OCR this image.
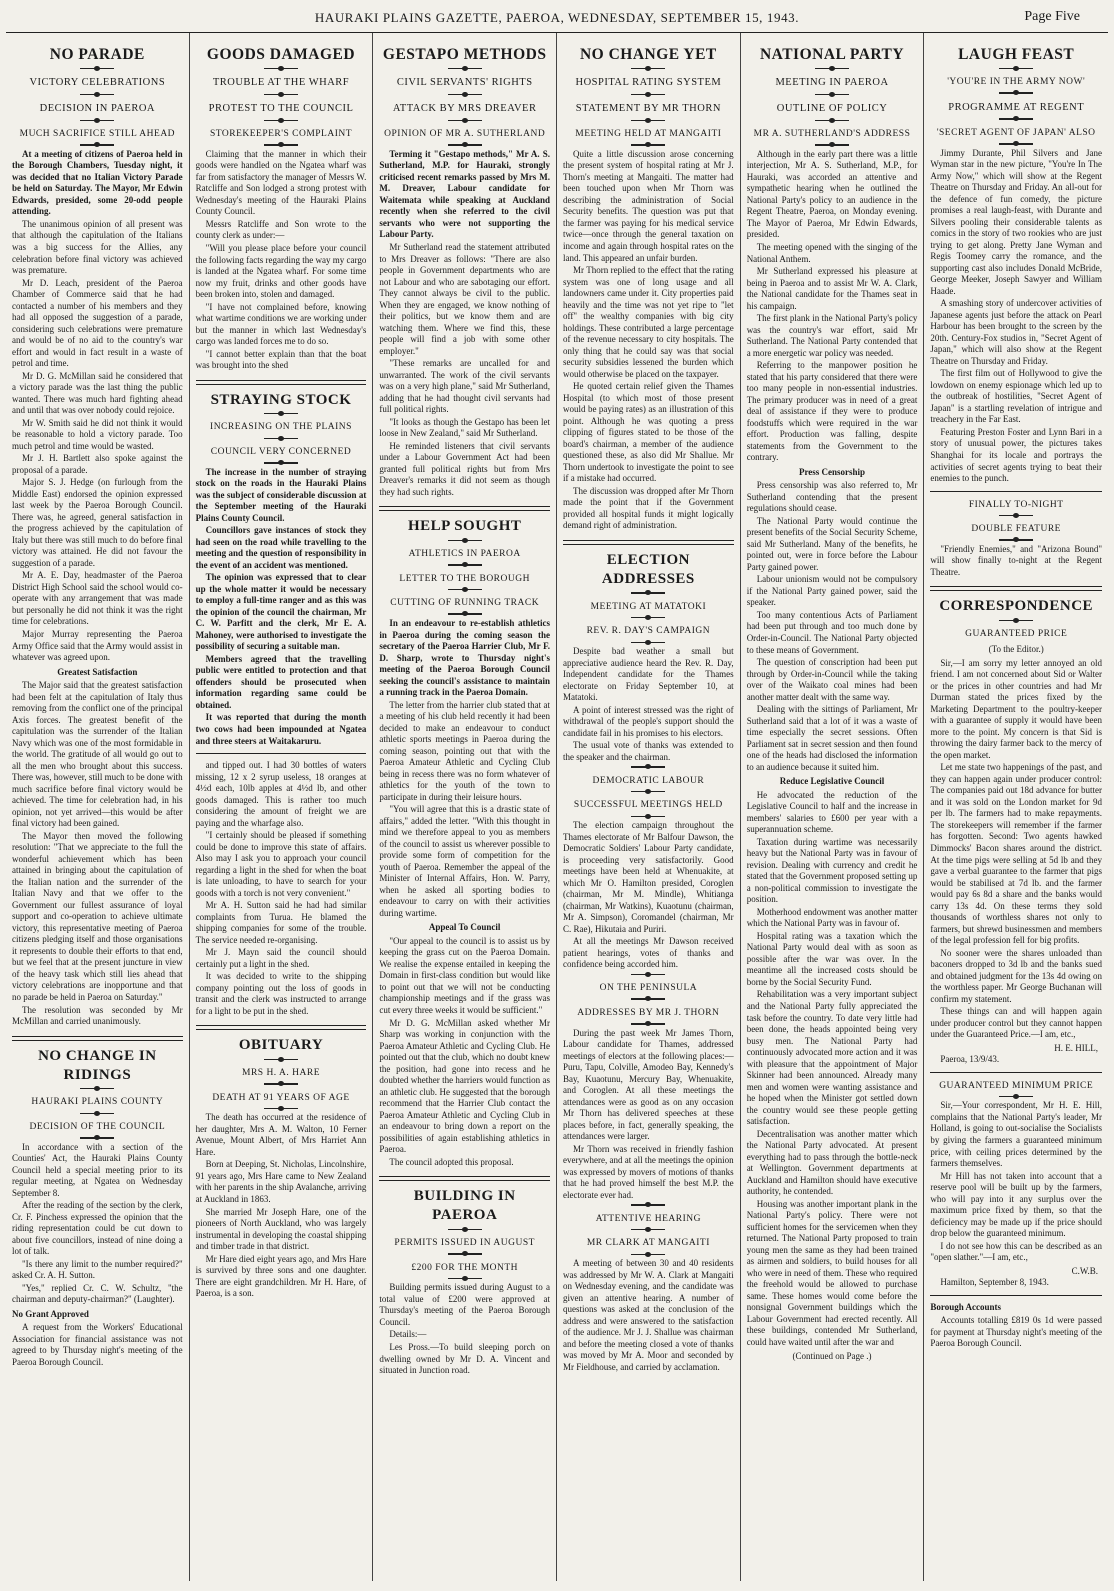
HAURAKI PLAINS GAZETTE, PAEROA, WEDNESDAY, SEPTEMBER 15, 1943.	Page Five
NO PARADE
VICTORY CELEBRATIONS
DECISION IN PAEROA
MUCH SACRIFICE STILL AHEAD

At a meeting of citizens of Paeroa held in the Borough Chambers, Tuesday night, it was decided that no Italian Victory Parade be held on Saturday. The Mayor, Mr Edwin Edwards, presided, some 20-odd people attending.

The unanimous opinion of all present was that although the capitulation of the Italians was a big success for the Allies, any celebration before final victory was achieved was premature.

Mr D. Leach, president of the Paeroa Chamber of Commerce said that he had contacted a number of his members and they had all opposed the suggestion of a parade, considering such celebrations were premature and would be of no aid to the country's war effort and would in fact result in a waste of petrol and time.

Mr D. G. McMillan said he considered that a victory parade was the last thing the public wanted. There was much hard fighting ahead and until that was over nobody could rejoice.

Mr W. Smith said he did not think it would be reasonable to hold a victory parade. Too much petrol and time would be wasted.

Mr J. H. Bartlett also spoke against the proposal of a parade.

Major S. J. Hedge (on furlough from the Middle East) endorsed the opinion expressed last week by the Paeroa Borough Council. There was, he agreed, general satisfaction in the progress achieved by the capitulation of Italy but there was still much to do before final victory was attained. He did not favour the suggestion of a parade.

Mr A. E. Day, headmaster of the Paeroa District High School said the school would co-operate with any arrangement that was made but personally he did not think it was the right time for celebrations.

Major Murray representing the Paeroa Army Office said that the Army would assist in whatever was agreed upon.

Greatest Satisfaction

The Major said that the greatest satisfaction had been felt at the capitulation of Italy thus removing from the conflict one of the principal Axis forces. The greatest benefit of the capitulation was the surrender of the Italian Navy which was one of the most formidable in the world. The gratitude of all would go out to all the men who brought about this success. There was, however, still much to be done with much sacrifice before final victory would be achieved. The time for celebration had, in his opinion, not yet arrived—this would be after final victory had been gained.

The Mayor then moved the following resolution: "That we appreciate to the full the wonderful achievement which has been attained in bringing about the capitulation of the Italian nation and the surrender of the Italian Navy and that we offer to the Government our fullest assurance of loyal support and co-operation to achieve ultimate victory, this representative meeting of Paeroa citizens pledging itself and those organisations it represents to double their efforts to that end, but we feel that at the present juncture in view of the heavy task which still lies ahead that victory celebrations are inopportune and that no parade be held in Paeroa on Saturday."

The resolution was seconded by Mr McMillan and carried unanimously.

NO CHANGE IN RIDINGS
HAURAKI PLAINS COUNTY
DECISION OF THE COUNCIL

In accordance with a section of the Counties' Act, the Hauraki Plains County Council held a special meeting prior to its regular meeting, at Ngatea on Wednesday September 8.

After the reading of the section by the clerk, Cr. F. Pinchess expressed the opinion that the riding representation could be cut down to about five councillors, instead of nine doing a lot of talk.

"Is there any limit to the number required?" asked Cr. A. H. Sutton.

"Yes," replied Cr. C. W. Schultz, "the chairman and deputy-chairman?" (Laughter).

No Grant Approved

A request from the Workers' Educational Association for financial assistance was not agreed to by Thursday night's meeting of the Paeroa Borough Council.

GOODS DAMAGED
TROUBLE AT THE WHARF
PROTEST TO THE COUNCIL
STOREKEEPER'S COMPLAINT

Claiming that the manner in which their goods were handled on the Ngatea wharf was far from satisfactory the manager of Messrs W. Ratcliffe and Son lodged a strong protest with Wednesday's meeting of the Hauraki Plains County Council.

Messrs Ratcliffe and Son wrote to the county clerk as under:—

"Will you please place before your council the following facts regarding the way my cargo is landed at the Ngatea wharf. For some time now my fruit, drinks and other goods have been broken into, stolen and damaged.

"I have not complained before, knowing what wartime conditions we are working under but the manner in which last Wednesday's cargo was landed forces me to do so.

"I cannot better explain than that the boat was brought into the shed

STRAYING STOCK
INCREASING ON THE PLAINS
COUNCIL VERY CONCERNED

The increase in the number of straying stock on the roads in the Hauraki Plains was the subject of considerable discussion at the September meeting of the Hauraki Plains County Council.

Councillors gave instances of stock they had seen on the road while travelling to the meeting and the question of responsibility in the event of an accident was mentioned.

The opinion was expressed that to clear up the whole matter it would be necessary to employ a full-time ranger and as this was the opinion of the council the chairman, Mr C. W. Parfitt and the clerk, Mr E. A. Mahoney, were authorised to investigate the possibility of securing a suitable man.

Members agreed that the travelling public were entitled to protection and that offenders should be prosecuted when information regarding same could be obtained.

It was reported that during the month two cows had been impounded at Ngatea and three steers at Waitakaruru.

and tipped out. I had 30 bottles of waters missing, 12 x 2 syrup useless, 18 oranges at 4½d each, 10lb apples at 4½d lb, and other goods damaged. This is rather too much considering the amount of freight we are paying and the wharfage also.

"I certainly should be pleased if something could be done to improve this state of affairs. Also may I ask you to approach your council regarding a light in the shed for when the boat is late unloading, to have to search for your goods with a torch is not very convenient."

Mr A. H. Sutton said he had had similar complaints from Turua. He blamed the shipping companies for some of the trouble. The service needed re-organising.

Mr J. Mayn said the council should certainly put a light in the shed.

It was decided to write to the shipping company pointing out the loss of goods in transit and the clerk was instructed to arrange for a light to be put in the shed.

OBITUARY
MRS H. A. HARE
DEATH AT 91 YEARS OF AGE

The death has occurred at the residence of her daughter, Mrs A. M. Walton, 10 Ferner Avenue, Mount Albert, of Mrs Harriet Ann Hare.

Born at Deeping, St. Nicholas, Lincolnshire, 91 years ago, Mrs Hare came to New Zealand with her parents in the ship Avalanche, arriving at Auckland in 1863.

She married Mr Joseph Hare, one of the pioneers of North Auckland, who was largely instrumental in developing the coastal shipping and timber trade in that district.

Mr Hare died eight years ago, and Mrs Hare is survived by three sons and one daughter. There are eight grandchildren. Mr H. Hare, of Paeroa, is a son.

GESTAPO METHODS
CIVIL SERVANTS' RIGHTS
ATTACK BY MRS DREAVER
OPINION OF MR A. SUTHERLAND

Terming it "Gestapo methods," Mr A. S. Sutherland, M.P. for Hauraki, strongly criticised recent remarks passed by Mrs M. M. Dreaver, Labour candidate for Waitemata while speaking at Auckland recently when she referred to the civil servants who were not supporting the Labour Party.

Mr Sutherland read the statement attributed to Mrs Dreaver as follows: "There are also people in Government departments who are not Labour and who are sabotaging our effort. They cannot always be civil to the public. When they are engaged, we know nothing of their politics, but we know them and are watching them. Where we find this, these people will find a job with some other employer."

"These remarks are uncalled for and unwarranted. The work of the civil servants was on a very high plane," said Mr Sutherland, adding that he had thought civil servants had full political rights.

"It looks as though the Gestapo has been let loose in New Zealand," said Mr Sutherland.

He reminded listeners that civil servants under a Labour Government Act had been granted full political rights but from Mrs Dreaver's remarks it did not seem as though they had such rights.

HELP SOUGHT
ATHLETICS IN PAEROA
LETTER TO THE BOROUGH
CUTTING OF RUNNING TRACK

In an endeavour to re-establish athletics in Paeroa during the coming season the secretary of the Paeroa Harrier Club, Mr F. D. Sharp, wrote to Thursday night's meeting of the Paeroa Borough Council seeking the council's assistance to maintain a running track in the Paeroa Domain.

The letter from the harrier club stated that at a meeting of his club held recently it had been decided to make an endeavour to conduct athletic sports meetings in Paeroa during the coming season, pointing out that with the Paeroa Amateur Athletic and Cycling Club being in recess there was no form whatever of athletics for the youth of the town to participate in during their leisure hours.

"You will agree that this is a drastic state of affairs," added the letter. "With this thought in mind we therefore appeal to you as members of the council to assist us wherever possible to provide some form of competition for the youth of Paeroa. Remember the appeal of the Minister of Internal Affairs, Hon. W. Parry, when he asked all sporting bodies to endeavour to carry on with their activities during wartime.

Appeal To Council

"Our appeal to the council is to assist us by keeping the grass cut on the Paeroa Domain. We realise the expense entailed in keeping the Domain in first-class condition but would like to point out that we will not be conducting championship meetings and if the grass was cut every three weeks it would be sufficient."

Mr D. G. McMillan asked whether Mr Sharp was working in conjunction with the Paeroa Amateur Athletic and Cycling Club. He pointed out that the club, which no doubt knew the position, had gone into recess and he doubted whether the harriers would function as an athletic club. He suggested that the borough recommend that the Harrier Club contact the Paeroa Amateur Athletic and Cycling Club in an endeavour to bring down a report on the possibilities of again establishing athletics in Paeroa.

The council adopted this proposal.

BUILDING IN PAEROA
PERMITS ISSUED IN AUGUST
£200 FOR THE MONTH

Building permits issued during August to a total value of £200 were approved at Thursday's meeting of the Paeroa Borough Council.

Details:—

Les Pross.—To build sleeping porch on dwelling owned by Mr D. A. Vincent and situated in Junction road.

NO CHANGE YET
HOSPITAL RATING SYSTEM
STATEMENT BY MR THORN
MEETING HELD AT MANGAITI

Quite a little discussion arose concerning the present system of hospital rating at Mr J. Thorn's meeting at Mangaiti. The matter had been touched upon when Mr Thorn was describing the administration of Social Security benefits. The question was put that the farmer was paying for his medical service twice—once through the general taxation on income and again through hospital rates on the land. This appeared an unfair burden.

Mr Thorn replied to the effect that the rating system was one of long usage and all landowners came under it. City properties paid heavily and the time was not yet ripe to "let off" the wealthy companies with big city holdings. These contributed a large percentage of the revenue necessary to city hospitals. The only thing that he could say was that social security subsidies lessened the burden which would otherwise be placed on the taxpayer.

He quoted certain relief given the Thames Hospital (to which most of those present would be paying rates) as an illustration of this point. Although he was quoting a press clipping of figures stated to be those of the board's chairman, a member of the audience questioned these, as also did Mr Shallue. Mr Thorn undertook to investigate the point to see if a mistake had occurred.

The discussion was dropped after Mr Thorn made the point that if the Government provided all hospital funds it might logically demand right of administration.

ELECTION ADDRESSES
MEETING AT MATATOKI
REV. R. DAY'S CAMPAIGN

Despite bad weather a small but appreciative audience heard the Rev. R. Day, Independent candidate for the Thames electorate on Friday September 10, at Matatoki.

A point of interest stressed was the right of withdrawal of the people's support should the candidate fail in his promises to his electors.

The usual vote of thanks was extended to the speaker and the chairman.

DEMOCRATIC LABOUR
SUCCESSFUL MEETINGS HELD

The election campaign throughout the Thames electorate of Mr Balfour Dawson, the Democratic Soldiers' Labour Party candidate, is proceeding very satisfactorily. Good meetings have been held at Whenuakite, at which Mr O. Hamilton presided, Coroglen (chairman, Mr M. Mindle), Whitianga (chairman, Mr Watkins), Kuaotunu (chairman, Mr A. Simpson), Coromandel (chairman, Mr C. Rae), Hikutaia and Puriri.

At all the meetings Mr Dawson received patient hearings, votes of thanks and confidence being accorded him.

ON THE PENINSULA
ADDRESSES BY MR J. THORN

During the past week Mr James Thorn, Labour candidate for Thames, addressed meetings of electors at the following places:—Puru, Tapu, Colville, Amodeo Bay, Kennedy's Bay, Kuaotunu, Mercury Bay, Whenuakite, and Coroglen. At all these meetings the attendances were as good as on any occasion Mr Thorn has delivered speeches at these places before, in fact, generally speaking, the attendances were larger.

Mr Thorn was received in friendly fashion everywhere, and at all the meetings the opinion was expressed by movers of motions of thanks that he had proved himself the best M.P. the electorate ever had.

ATTENTIVE HEARING
MR CLARK AT MANGAITI

A meeting of between 30 and 40 residents was addressed by Mr W. A. Clark at Mangaiti on Wednesday evening, and the candidate was given an attentive hearing. A number of questions was asked at the conclusion of the address and were answered to the satisfaction of the audience. Mr J. J. Shallue was chairman and before the meeting closed a vote of thanks was moved by Mr A. Moor and seconded by Mr Fieldhouse, and carried by acclamation.

NATIONAL PARTY
MEETING IN PAEROA
OUTLINE OF POLICY
MR A. SUTHERLAND'S ADDRESS

Although in the early part there was a little interjection, Mr A. S. Sutherland, M.P., for Hauraki, was accorded an attentive and sympathetic hearing when he outlined the National Party's policy to an audience in the Regent Theatre, Paeroa, on Monday evening. The Mayor of Paeroa, Mr Edwin Edwards, presided.

The meeting opened with the singing of the National Anthem.

Mr Sutherland expressed his pleasure at being in Paeroa and to assist Mr W. A. Clark, the National candidate for the Thames seat in his campaign.

The first plank in the National Party's policy was the country's war effort, said Mr Sutherland. The National Party contended that a more energetic war policy was needed.

Referring to the manpower position he stated that his party considered that there were too many people in non-essential industries. The primary producer was in need of a great deal of assistance if they were to produce foodstuffs which were required in the war effort. Production was falling, despite statements from the Government to the contrary.

Press Censorship

Press censorship was also referred to, Mr Sutherland contending that the present regulations should cease.

The National Party would continue the present benefits of the Social Security Scheme, said Mr Sutherland. Many of the benefits, he pointed out, were in force before the Labour Party gained power.

Labour unionism would not be compulsory if the National Party gained power, said the speaker.

Too many contentious Acts of Parliament had been put through and too much done by Order-in-Council. The National Party objected to these means of Government.

The question of conscription had been put through by Order-in-Council while the taking over of the Waikato coal mines had been another matter dealt with the same way.

Dealing with the sittings of Parliament, Mr Sutherland said that a lot of it was a waste of time especially the secret sessions. Often Parliament sat in secret session and then found one of the heads had disclosed the information to an audience because it suited him.

Reduce Legislative Council

He advocated the reduction of the Legislative Council to half and the increase in members' salaries to £600 per year with a superannuation scheme.

Taxation during wartime was necessarily heavy but the National Party was in favour of revision. Dealing with currency and credit he stated that the Government proposed setting up a non-political commission to investigate the position.

Motherhood endowment was another matter which the National Party was in favour of.

Hospital rating was a taxation which the National Party would deal with as soon as possible after the war was over. In the meantime all the increased costs should be borne by the Social Security Fund.

Rehabilitation was a very important subject and the National Party fully appreciated the task before the country. To date very little had been done, the heads appointed being very busy men. The National Party had continuously advocated more action and it was with pleasure that the appointment of Major Skinner had been announced. Already many men and women were wanting assistance and he hoped when the Minister got settled down the country would see these people getting satisfaction.

Decentralisation was another matter which the National Party advocated. At present everything had to pass through the bottle-neck at Wellington. Government departments at Auckland and Hamilton should have executive authority, he contended.

Housing was another important plank in the National Party's policy. There were not sufficient homes for the servicemen when they returned. The National Party proposed to train young men the same as they had been trained as airmen and soldiers, to build houses for all who were in need of them. These who required the freehold would be allowed to purchase same. These homes would come before the nonsignal Government buildings which the Labour Government had erected recently. All these buildings, contended Mr Sutherland, could have waited until after the war and

(Continued on Page .)
LAUGH FEAST
'YOU'RE IN THE ARMY NOW'
PROGRAMME AT REGENT
'SECRET AGENT OF JAPAN' ALSO

Jimmy Durante, Phil Silvers and Jane Wyman star in the new picture, "You're In The Army Now," which will show at the Regent Theatre on Thursday and Friday. An all-out for the defence of fun comedy, the picture promises a real laugh-feast, with Durante and Silvers pooling their considerable talents as comics in the story of two rookies who are just trying to get along. Pretty Jane Wyman and Regis Toomey carry the romance, and the supporting cast also includes Donald McBride, George Meeker, Joseph Sawyer and William Haade.

A smashing story of undercover activities of Japanese agents just before the attack on Pearl Harbour has been brought to the screen by the 20th. Century-Fox studios in, "Secret Agent of Japan," which will also show at the Regent Theatre on Thursday and Friday.

The first film out of Hollywood to give the lowdown on enemy espionage which led up to the outbreak of hostilities, "Secret Agent of Japan" is a startling revelation of intrigue and treachery in the Far East.

Featuring Preston Foster and Lynn Bari in a story of unusual power, the pictures takes Shanghai for its locale and portrays the activities of secret agents trying to beat their enemies to the punch.

FINALLY TO-NIGHT
DOUBLE FEATURE

"Friendly Enemies," and "Arizona Bound" will show finally to-night at the Regent Theatre.

CORRESPONDENCE
GUARANTEED PRICE
(To the Editor.)

Sir,—I am sorry my letter annoyed an old friend. I am not concerned about Sid or Walter or the prices in other countries and had Mr Durman stated the prices fixed by the Marketing Department to the poultry-keeper with a guarantee of supply it would have been more to the point. My concern is that Sid is throwing the dairy farmer back to the mercy of the open market.

Let me state two happenings of the past, and they can happen again under producer control: The companies paid out 18d advance for butter and it was sold on the London market for 9d per lb. The farmers had to make repayments. The storekeepers will remember if the farmer has forgotten. Second: Two agents hawked Dimmocks' Bacon shares around the district. At the time pigs were selling at 5d lb and they gave a verbal guarantee to the farmer that pigs would be stabilised at 7d lb. and the farmer would pay 6s 8d a share and the banks would carry 13s 4d. On these terms they sold thousands of worthless shares not only to farmers, but shrewd businessmen and members of the legal profession fell for big profits.

No sooner were the shares unloaded than baconers dropped to 3d lb and the banks sued and obtained judgment for the 13s 4d owing on the worthless paper. Mr George Buchanan will confirm my statement.

These things can and will happen again under producer control but they cannot happen under the Guaranteed Price.—I am, etc.,

H. E. HILL,

Paeroa, 13/9/43.

GUARANTEED MINIMUM PRICE

Sir,—Your correspondent, Mr H. E. Hill, complains that the National Party's leader, Mr Holland, is going to out-socialise the Socialists by giving the farmers a guaranteed minimum price, with ceiling prices determined by the farmers themselves.

Mr Hill has not taken into account that a reserve pool will be built up by the farmers, who will pay into it any surplus over the maximum price fixed by them, so that the deficiency may be made up if the price should drop below the guaranteed minimum.

I do not see how this can be described as an "open slather."—I am, etc.,

C.W.B.

Hamilton, September 8, 1943.

Borough Accounts

Accounts totalling £819 0s 1d were passed for payment at Thursday night's meeting of the Paeroa Borough Council.
